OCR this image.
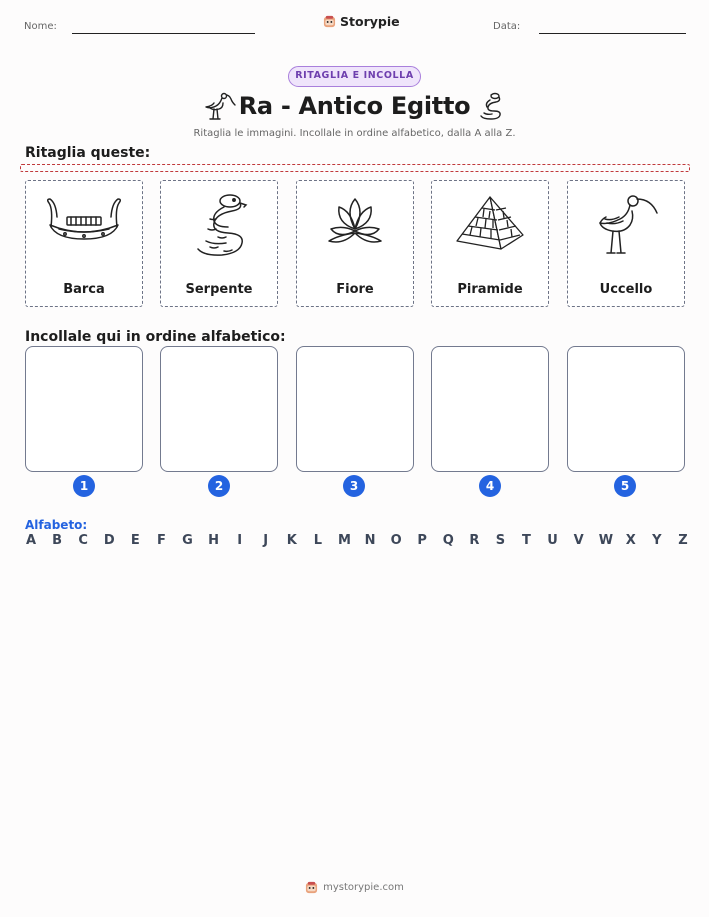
Nome:	Storypie	Data:
RITAGLIA E INCOLLA
Ra - Antico Egitto
Ritaglia le immagini. Incollale in ordine alfabetico, dalla A alla Z.
Ritaglia queste:
Barca	Serpente	Fiore	Piramide	Uccello
Incollale qui in ordine alfabetico:
1	2	3	4	5
Alfabeto:
A B C D E F G H I J K L M N O P Q R S T U V W X Y Z
mystorypie.com
